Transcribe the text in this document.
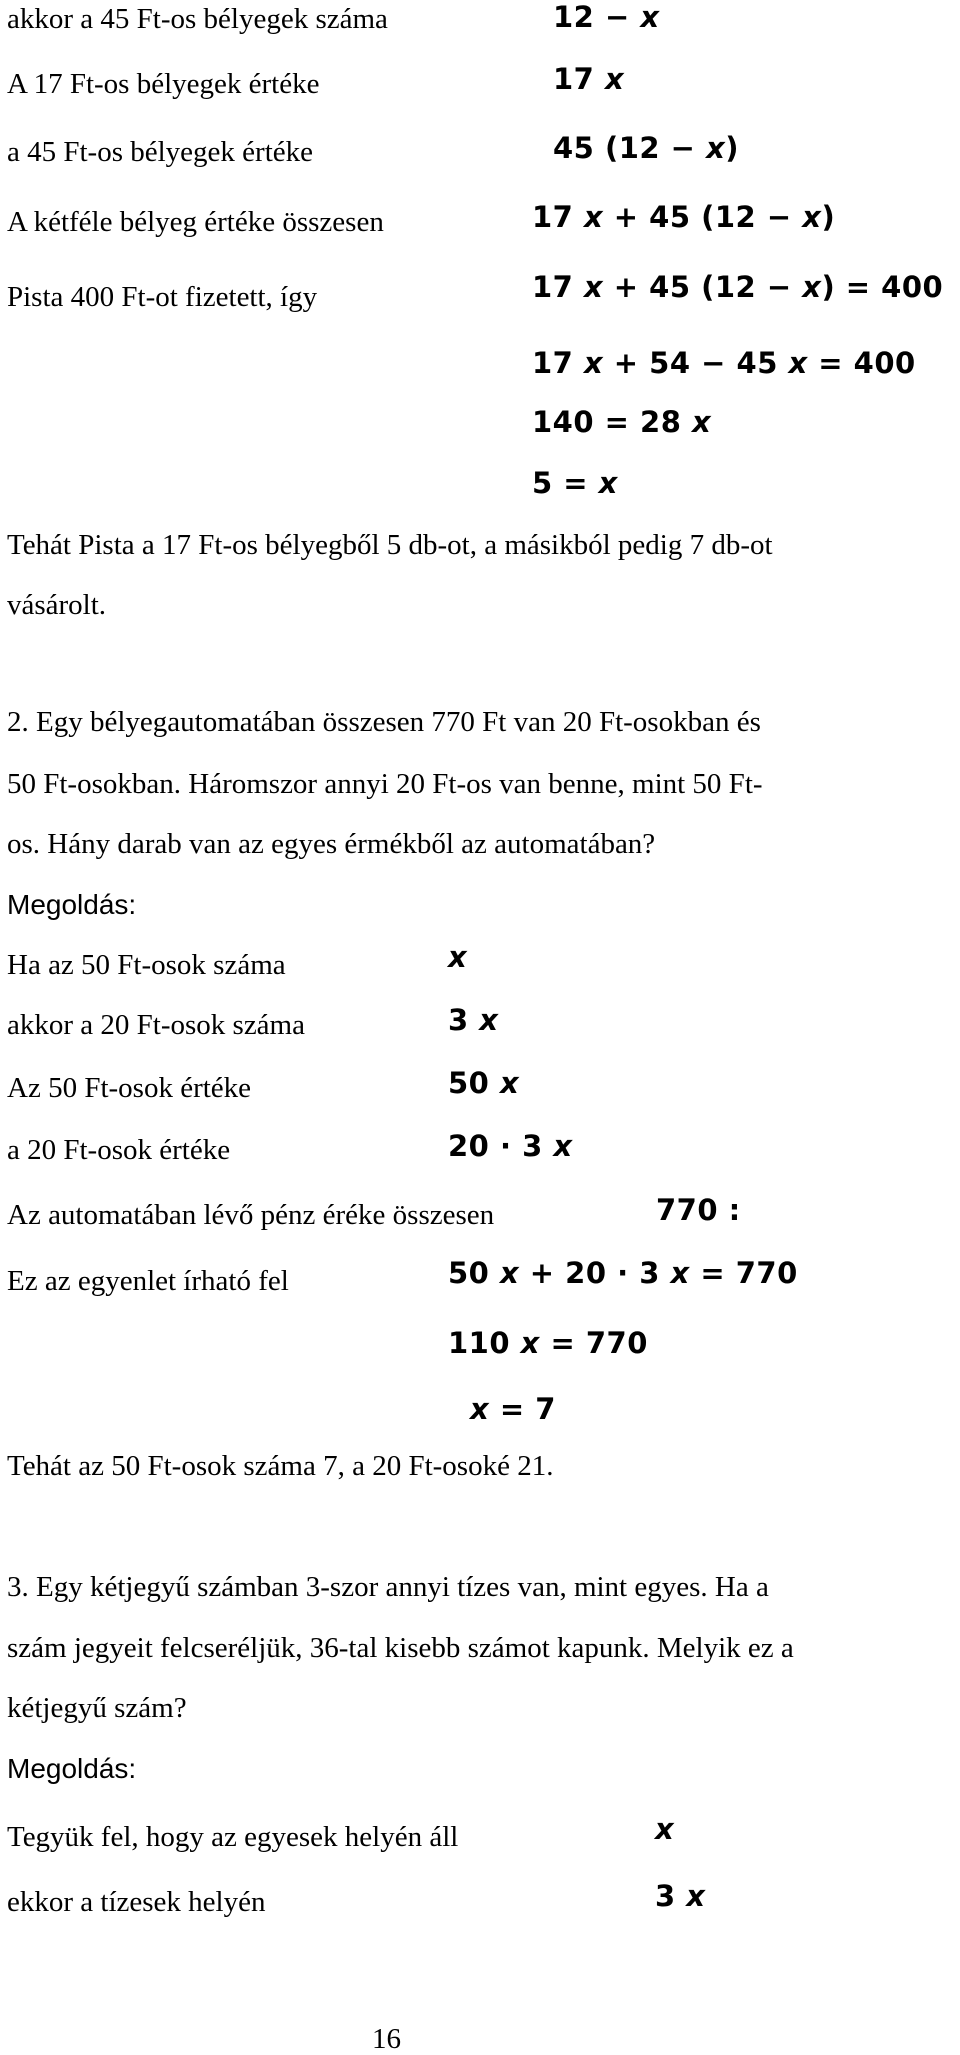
akkor a 45 Ft-os bélyegek száma	12 − x

A 17 Ft-os bélyegek értéke	17 x

a 45 Ft-os bélyegek értéke	45 (12 − x)

A kétféle bélyeg értéke összesen	17 x + 45 (12 − x)

Pista 400 Ft-ot fizetett, így	17 x + 45 (12 − x) = 400

17 x + 54 − 45 x = 400

140 = 28 x

5 = x

Tehát Pista a 17 Ft-os bélyegből 5 db-ot, a másikból pedig 7 db-ot

vásárolt.

2. Egy bélyegautomatában összesen 770 Ft van 20 Ft-osokban és

50 Ft-osokban. Háromszor annyi 20 Ft-os van benne, mint 50 Ft-

os. Hány darab van az egyes érmékből az automatában?

Megoldás:

Ha az 50 Ft-osok száma	x

akkor a 20 Ft-osok száma	3 x

Az 50 Ft-osok értéke	50 x

a 20 Ft-osok értéke	20 · 3 x

Az automatában lévő pénz éréke összesen	770 :

Ez az egyenlet írható fel	50 x + 20 · 3 x = 770

110 x = 770

x = 7

Tehát az 50 Ft-osok száma 7, a 20 Ft-osoké 21.

3. Egy kétjegyű számban 3-szor annyi tízes van, mint egyes. Ha a

szám jegyeit felcseréljük, 36-tal kisebb számot kapunk. Melyik ez a

kétjegyű szám?

Megoldás:

Tegyük fel, hogy az egyesek helyén áll	x

ekkor a tízesek helyén	3 x

16
